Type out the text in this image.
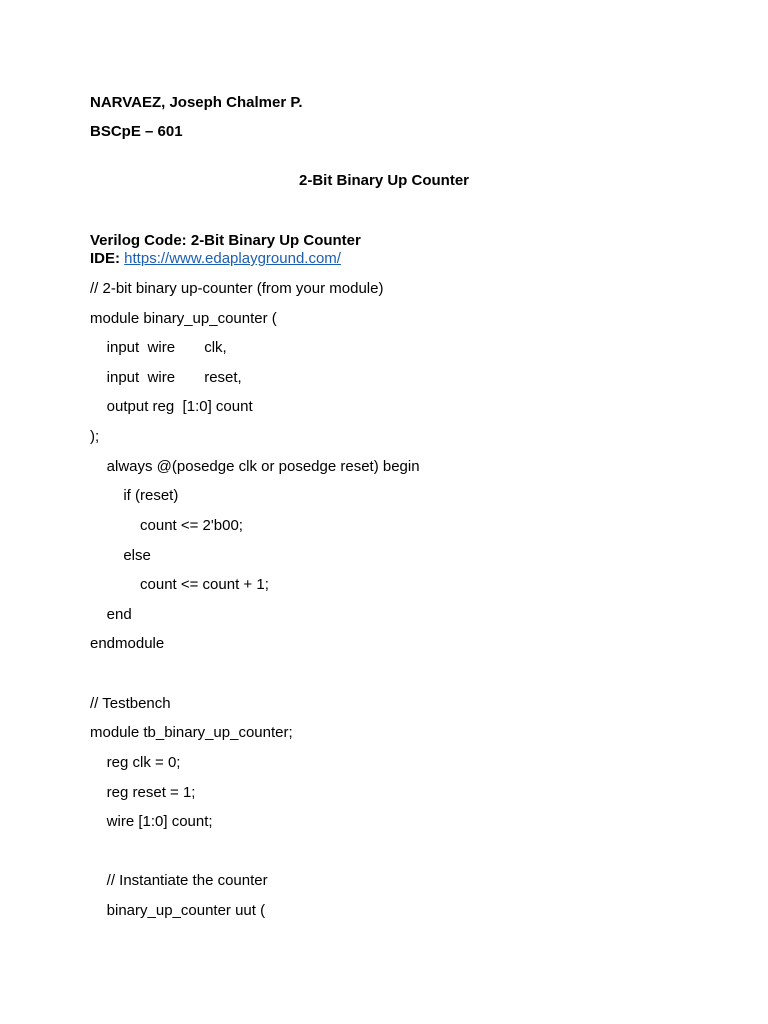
NARVAEZ, Joseph Chalmer P.
BSCpE – 601
2-Bit Binary Up Counter
Verilog Code: 2-Bit Binary Up Counter
IDE: https://www.edaplayground.com/
// 2-bit binary up-counter (from your module)
module binary_up_counter (
input  wire       clk,
input  wire       reset,
output reg  [1:0] count
);
always @(posedge clk or posedge reset) begin
if (reset)
count <= 2'b00;
else
count <= count + 1;
end
endmodule
// Testbench
module tb_binary_up_counter;
reg clk = 0;
reg reset = 1;
wire [1:0] count;
// Instantiate the counter
binary_up_counter uut (
